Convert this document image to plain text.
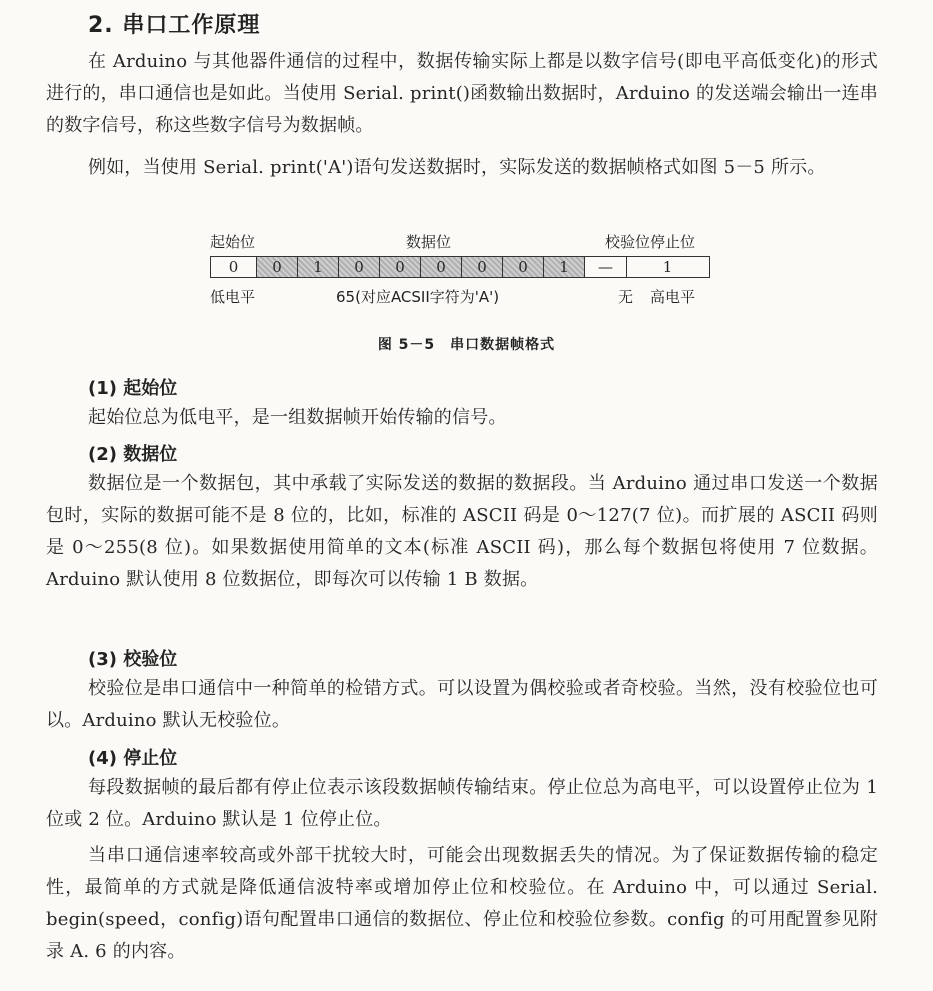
2. 串口工作原理
在 Arduino 与其他器件通信的过程中，数据传输实际上都是以数字信号(即电平高低变化)的形式进行的，串口通信也是如此。当使用 Serial. print()函数输出数据时，Arduino 的发送端会输出一连串的数字信号，称这些数字信号为数据帧。
例如，当使用 Serial. print('A')语句发送数据时，实际发送的数据帧格式如图 5－5 所示。
起始位	数据位	校验位停止位
0	0	1	0	0	0	0	0	1	—	1
低电平	65(对应ACSII字符为'A')	无 高电平
图 5－5　串口数据帧格式
(1) 起始位
起始位总为低电平，是一组数据帧开始传输的信号。
(2) 数据位
数据位是一个数据包，其中承载了实际发送的数据的数据段。当 Arduino 通过串口发送一个数据包时，实际的数据可能不是 8 位的，比如，标准的 ASCII 码是 0～127(7 位)。而扩展的 ASCII 码则是 0～255(8 位)。如果数据使用简单的文本(标准 ASCII 码)，那么每个数据包将使用 7 位数据。Arduino 默认使用 8 位数据位，即每次可以传输 1 B 数据。
(3) 校验位
校验位是串口通信中一种简单的检错方式。可以设置为偶校验或者奇校验。当然，没有校验位也可以。Arduino 默认无校验位。
(4) 停止位
每段数据帧的最后都有停止位表示该段数据帧传输结束。停止位总为高电平，可以设置停止位为 1 位或 2 位。Arduino 默认是 1 位停止位。
当串口通信速率较高或外部干扰较大时，可能会出现数据丢失的情况。为了保证数据传输的稳定性，最简单的方式就是降低通信波特率或增加停止位和校验位。在 Arduino 中，可以通过 Serial. begin(speed，config)语句配置串口通信的数据位、停止位和校验位参数。config 的可用配置参见附录 A. 6 的内容。
